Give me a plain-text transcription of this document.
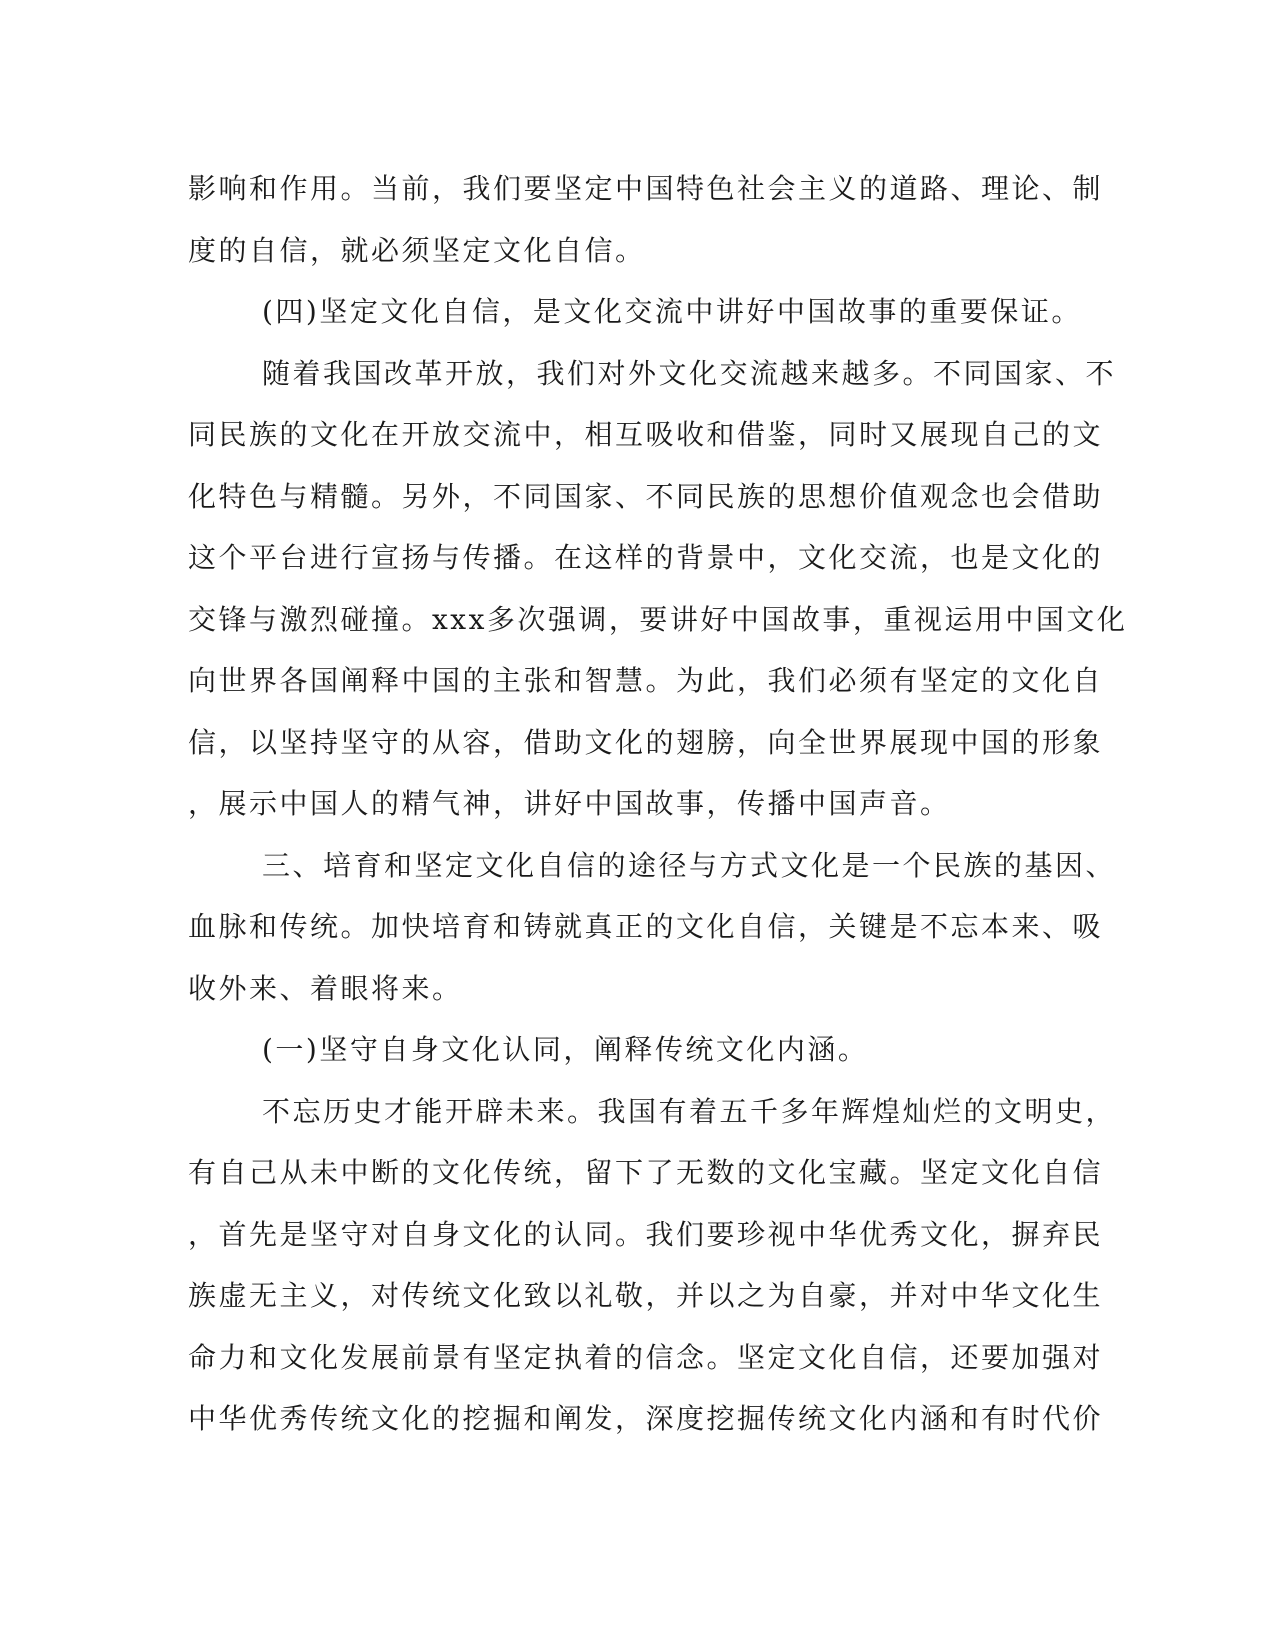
影响和作用。当前，我们要坚定中国特色社会主义的道路、理论、制
度的自信，就必须坚定文化自信。
(四)坚定文化自信，是文化交流中讲好中国故事的重要保证。
随着我国改革开放，我们对外文化交流越来越多。不同国家、不
同民族的文化在开放交流中，相互吸收和借鉴，同时又展现自己的文
化特色与精髓。另外，不同国家、不同民族的思想价值观念也会借助
这个平台进行宣扬与传播。在这样的背景中，文化交流，也是文化的
交锋与激烈碰撞。xxx多次强调，要讲好中国故事，重视运用中国文化
向世界各国阐释中国的主张和智慧。为此，我们必须有坚定的文化自
信，以坚持坚守的从容，借助文化的翅膀，向全世界展现中国的形象
，展示中国人的精气神，讲好中国故事，传播中国声音。
三、培育和坚定文化自信的途径与方式文化是一个民族的基因、
血脉和传统。加快培育和铸就真正的文化自信，关键是不忘本来、吸
收外来、着眼将来。
(一)坚守自身文化认同，阐释传统文化内涵。
不忘历史才能开辟未来。我国有着五千多年辉煌灿烂的文明史，
有自己从未中断的文化传统，留下了无数的文化宝藏。坚定文化自信
，首先是坚守对自身文化的认同。我们要珍视中华优秀文化，摒弃民
族虚无主义，对传统文化致以礼敬，并以之为自豪，并对中华文化生
命力和文化发展前景有坚定执着的信念。坚定文化自信，还要加强对
中华优秀传统文化的挖掘和阐发，深度挖掘传统文化内涵和有时代价
